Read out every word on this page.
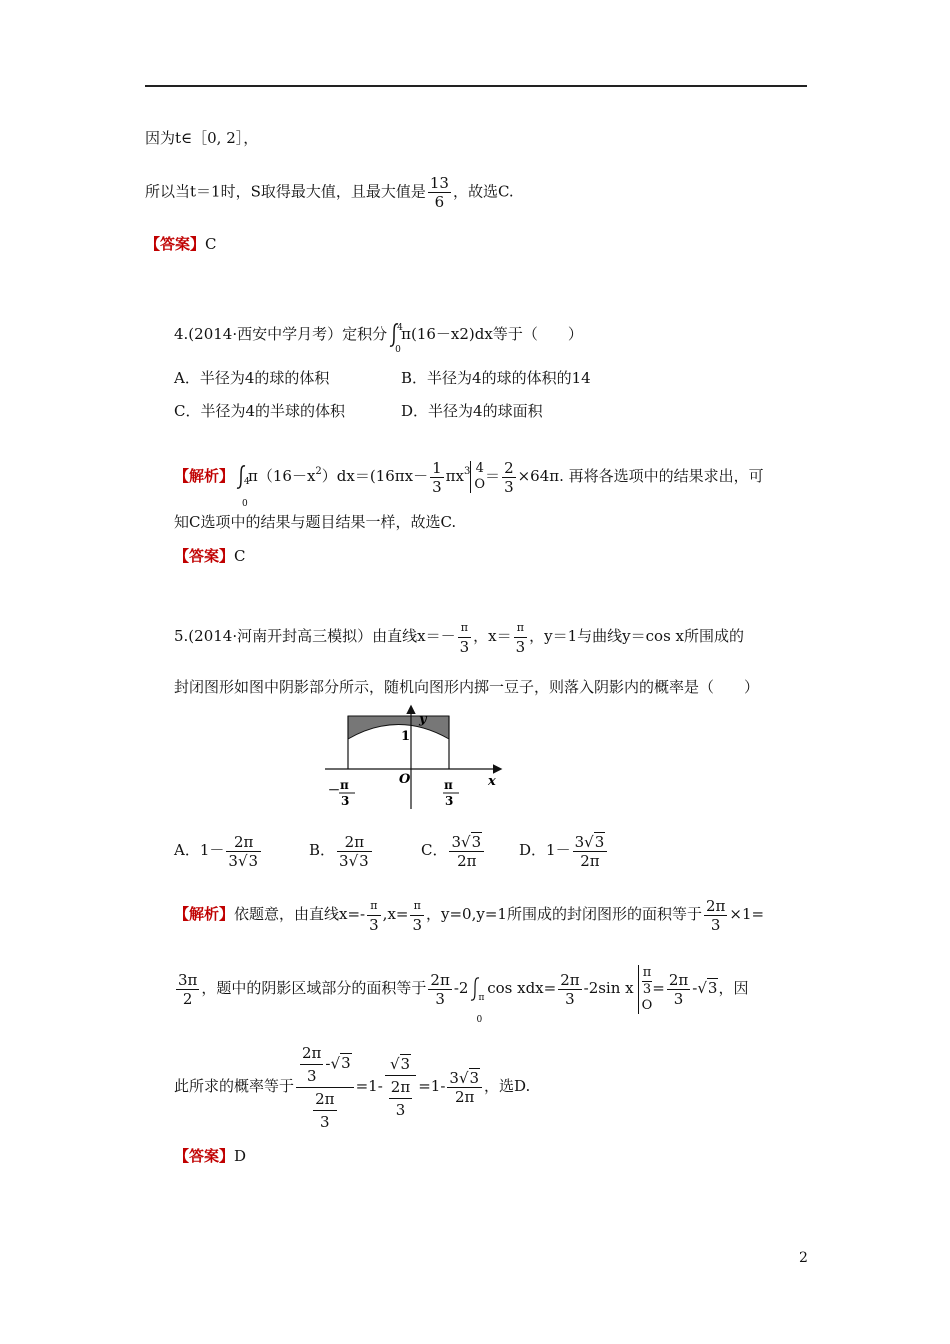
因为t∈［0, 2］，
所以当t＝1时，S取得最大值，且最大值是 $\frac{13}{6}$ ，故选C.
【答案】C
4.(2014·西安中学月考）定积分 4
0
π(16－x2)dx等于（　　）
A．半径为4的球的体积	B．半径为4的球的体积的14
C．半径为4的半球的体积	D．半径为4的球面积
【解析】 4
0
$\pi(16-x^2)dx=(16\pi x- \frac{1}{3} \pi x^3$ 4
$O = \frac{2}{3} \times 64\pi$. 再将各选项中的结果求出，可
知C选项中的结果与题目结果一样，故选C.
【答案】C
5.(2014·河南开封高三模拟）由直线$x=- \frac{\pi}{3}$ ，$x= \frac{\pi}{3}$ ，y＝1与曲线y＝cos x所围成的
封闭图形如图中阴影部分所示，随机向图形内掷一豆子，则落入阴影内的概率是（　　）
y
x
O
1
－ π
3
π
3
A．$1- \frac{2\pi}{3√3}$	B． $\frac{2\pi}{3√3}$	C． $\frac{3√3}{2\pi}$ D．$1- \frac{3√3}{2\pi}$
【解析】依题意，由直线$x=- \frac{\pi}{3} ,x= \frac{\pi}{3}$ ，y=0,y=1所围成的封闭图形的面积等于 $\frac{2\pi}{3} \times 1=$
$\frac{3\pi}{2}$ ，题中的阴影区域部分的面积等于 $\frac{2\pi}{3} -2$
π
0
$\cos xdx= \frac{2\pi}{3} -2\sin$ x
π
3
O
= $\frac{2\pi}{3} -√3$，因
此所求的概率等于 $\frac{\frac{2\pi}{3} -√3}{\frac{2\pi}{3}} =1- \frac{√3}{\frac{2\pi}{3}} =1- \frac{3√3}{2\pi}$ ，选D.
【答案】D
2
